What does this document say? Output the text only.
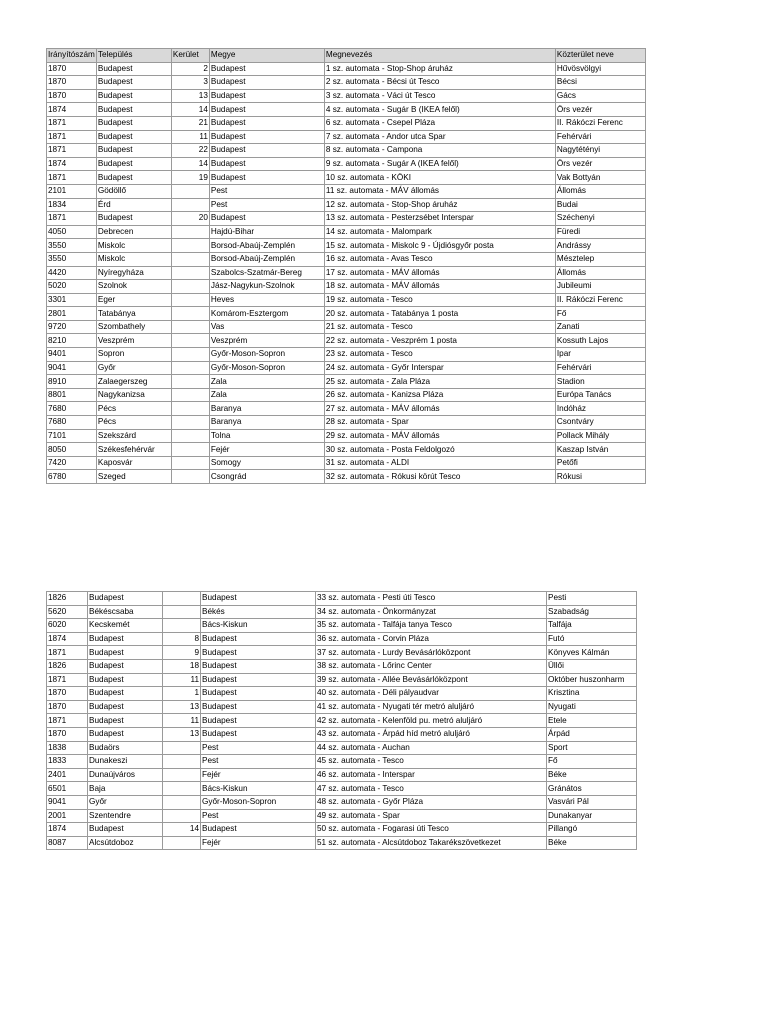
Irányítószám	Település	Kerület	Megye	Megnevezés	Közterület neve
1870	Budapest	2	Budapest	1 sz. automata - Stop-Shop áruház	Hűvösvölgyi
1870	Budapest	3	Budapest	2 sz. automata - Bécsi út Tesco	Bécsi
1870	Budapest	13	Budapest	3 sz. automata - Váci út Tesco	Gács
1874	Budapest	14	Budapest	4 sz. automata - Sugár B (IKEA felől)	Örs vezér
1871	Budapest	21	Budapest	6 sz. automata - Csepel Pláza	II. Rákóczi Ferenc
1871	Budapest	11	Budapest	7 sz. automata - Andor utca Spar	Fehérvári
1871	Budapest	22	Budapest	8 sz. automata - Campona	Nagytétényi
1874	Budapest	14	Budapest	9 sz. automata - Sugár A (IKEA felől)	Örs vezér
1871	Budapest	19	Budapest	10 sz. automata - KÖKI	Vak Bottyán
2101	Gödöllő		Pest	11 sz. automata - MÁV állomás	Állomás
1834	Érd		Pest	12 sz. automata - Stop-Shop áruház	Budai
1871	Budapest	20	Budapest	13 sz. automata - Pesterzsébet Interspar	Széchenyi
4050	Debrecen		Hajdú-Bihar	14 sz. automata - Malompark	Füredi
3550	Miskolc		Borsod-Abaúj-Zemplén	15 sz. automata - Miskolc 9 - Újdiósgyőr posta	Andrássy
3550	Miskolc		Borsod-Abaúj-Zemplén	16 sz. automata - Avas Tesco	Mésztelep
4420	Nyíregyháza		Szabolcs-Szatmár-Bereg	17 sz. automata - MÁV állomás	Állomás
5020	Szolnok		Jász-Nagykun-Szolnok	18 sz. automata - MÁV állomás	Jubileumi
3301	Eger		Heves	19 sz. automata - Tesco	II. Rákóczi Ferenc
2801	Tatabánya		Komárom-Esztergom	20 sz. automata - Tatabánya 1 posta	Fő
9720	Szombathely		Vas	21 sz. automata - Tesco	Zanati
8210	Veszprém		Veszprém	22 sz. automata - Veszprém 1 posta	Kossuth Lajos
9401	Sopron		Győr-Moson-Sopron	23 sz. automata - Tesco	Ipar
9041	Győr		Győr-Moson-Sopron	24 sz. automata - Győr Interspar	Fehérvári
8910	Zalaegerszeg		Zala	25 sz. automata - Zala Pláza	Stadion
8801	Nagykanizsa		Zala	26 sz. automata - Kanizsa Pláza	Európa Tanács
7680	Pécs		Baranya	27 sz. automata - MÁV állomás	Indóház
7680	Pécs		Baranya	28 sz. automata - Spar	Csontváry
7101	Szekszárd		Tolna	29 sz. automata - MÁV állomás	Pollack Mihály
8050	Székesfehérvár		Fejér	30 sz. automata - Posta Feldolgozó	Kaszap István
7420	Kaposvár		Somogy	31 sz. automata - ALDI	Petőfi
6780	Szeged		Csongrád	32 sz. automata - Rókusi körút Tesco	Rókusi
1826	Budapest		Budapest	33 sz. automata - Pesti úti Tesco	Pesti
5620	Békéscsaba		Békés	34 sz. automata - Önkormányzat	Szabadság
6020	Kecskemét		Bács-Kiskun	35 sz. automata - Talfája tanya Tesco	Talfája
1874	Budapest	8	Budapest	36 sz. automata - Corvin Pláza	Futó
1871	Budapest	9	Budapest	37 sz. automata - Lurdy Bevásárlóközpont	Könyves Kálmán
1826	Budapest	18	Budapest	38 sz. automata - Lőrinc Center	Üllői
1871	Budapest	11	Budapest	39 sz. automata - Allée Bevásárlóközpont	Október huszonharm
1870	Budapest	1	Budapest	40 sz. automata - Déli pályaudvar	Krisztina
1870	Budapest	13	Budapest	41 sz. automata - Nyugati tér metró aluljáró	Nyugati
1871	Budapest	11	Budapest	42 sz. automata - Kelenföld pu. metró aluljáró	Etele
1870	Budapest	13	Budapest	43 sz. automata - Árpád híd metró aluljáró	Árpád
1838	Budaörs		Pest	44 sz. automata - Auchan	Sport
1833	Dunakeszi		Pest	45 sz. automata - Tesco	Fő
2401	Dunaújváros		Fejér	46 sz. automata - Interspar	Béke
6501	Baja		Bács-Kiskun	47 sz. automata - Tesco	Gránátos
9041	Győr		Győr-Moson-Sopron	48 sz. automata - Győr Pláza	Vasvári Pál
2001	Szentendre		Pest	49 sz. automata - Spar	Dunakanyar
1874	Budapest	14	Budapest	50 sz. automata - Fogarasi úti Tesco	Pillangó
8087	Alcsútdoboz		Fejér	51 sz. automata - Alcsútdoboz Takarékszövetkezet	Béke
